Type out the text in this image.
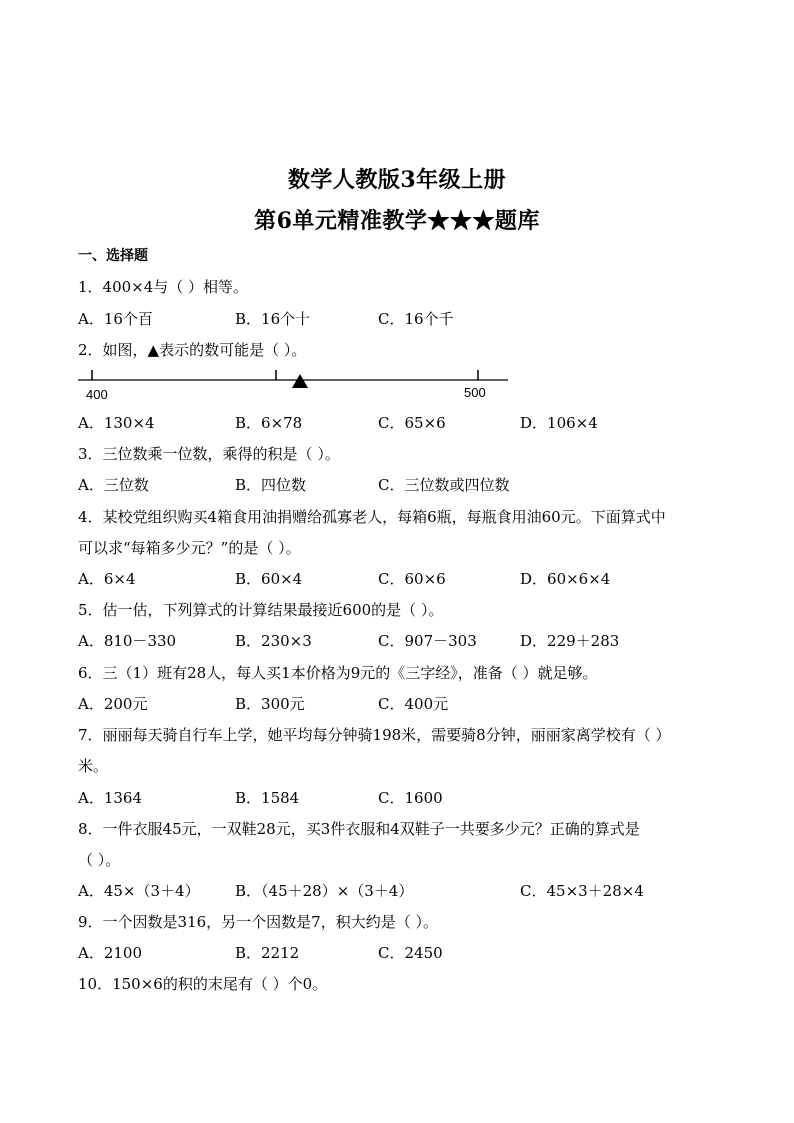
数学人教版3年级上册
第6单元精准教学★★★题库
一、选择题
1．400×4与（ ）相等。
A．16个百	B．16个十	C．16个千
2．如图，▲表示的数可能是（ ）。
400	500
A．130×4	B．6×78	C．65×6	D．106×4
3．三位数乘一位数，乘得的积是（ ）。
A．三位数	B．四位数	C．三位数或四位数
4．某校党组织购买4箱食用油捐赠给孤寡老人，每箱6瓶，每瓶食用油60元。下面算式中
可以求“每箱多少元？”的是（ ）。
A．6×4	B．60×4	C．60×6	D．60×6×4
5．估一估，下列算式的计算结果最接近600的是（ ）。
A．810－330	B．230×3	C．907－303	D．229＋283
6．三（1）班有28人，每人买1本价格为9元的《三字经》，准备（ ）就足够。
A．200元	B．300元	C．400元
7．丽丽每天骑自行车上学，她平均每分钟骑198米，需要骑8分钟，丽丽家离学校有（ ）
米。
A．1364	B．1584	C．1600
8．一件衣服45元，一双鞋28元，买3件衣服和4双鞋子一共要多少元？正确的算式是
（ ）。
A．45×（3＋4） B．（45＋28）×（3＋4）	C．45×3＋28×4
9．一个因数是316，另一个因数是7，积大约是（ ）。
A．2100	B．2212	C．2450
10．150×6的积的末尾有（ ）个0。
